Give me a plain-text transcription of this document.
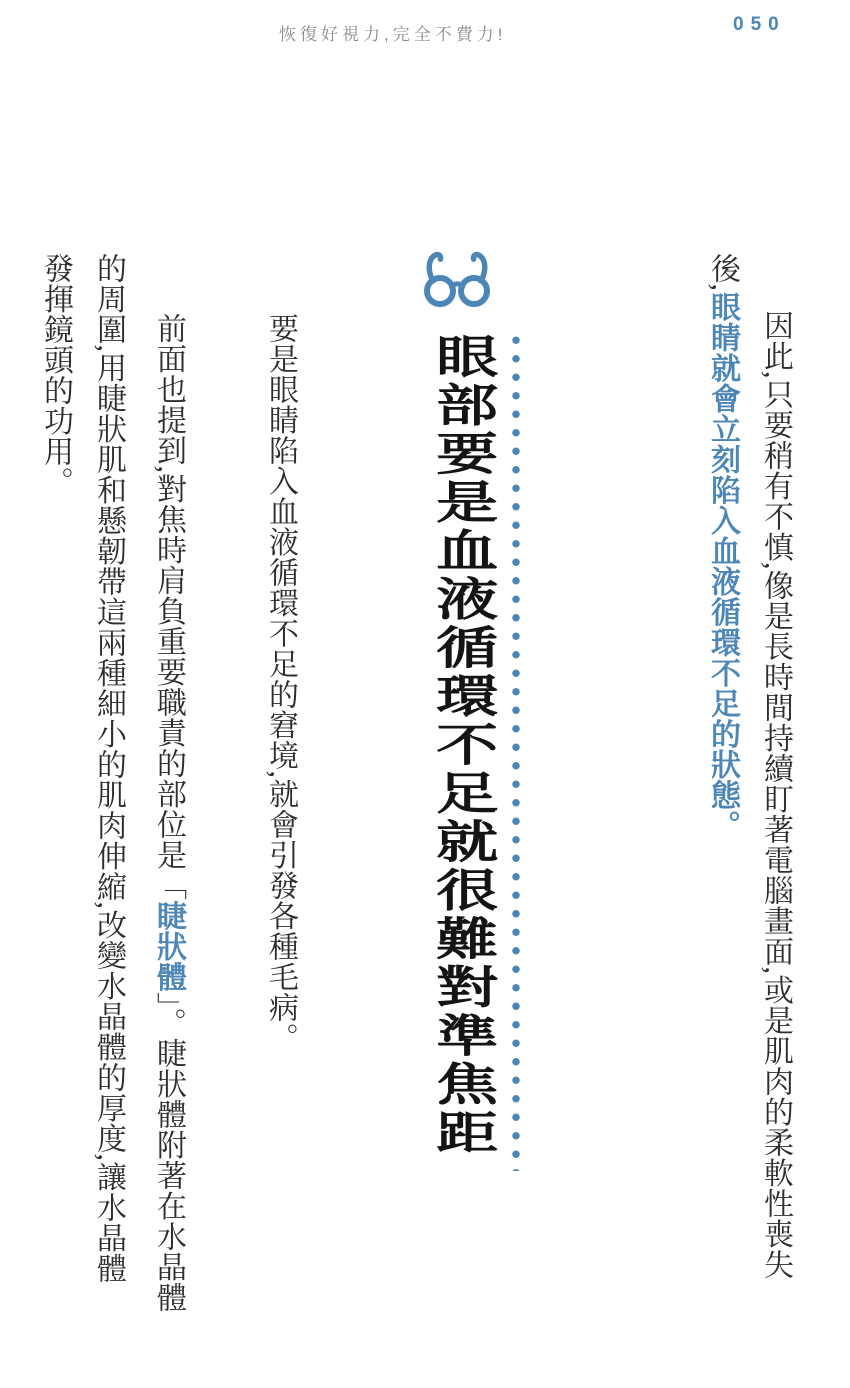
恢復好視力,完全不費力!	050
眼部要是血液循環不足就很難對準焦距	因此,只要稍有不慎,像是長時間持續盯著電腦畫面,或是肌肉的柔軟性喪失
後,眼睛就會立刻陷入血液循環不足的狀態。
要是眼睛陷入血液循環不足的窘境,就會引發各種毛病。
前面也提到,對焦時肩負重要職責的部位是「睫狀體」。睫狀體附著在水晶體
的周圍,用睫狀肌和懸韌帶這兩種細小的肌肉伸縮,改變水晶體的厚度,讓水晶體
發揮鏡頭的功用。
